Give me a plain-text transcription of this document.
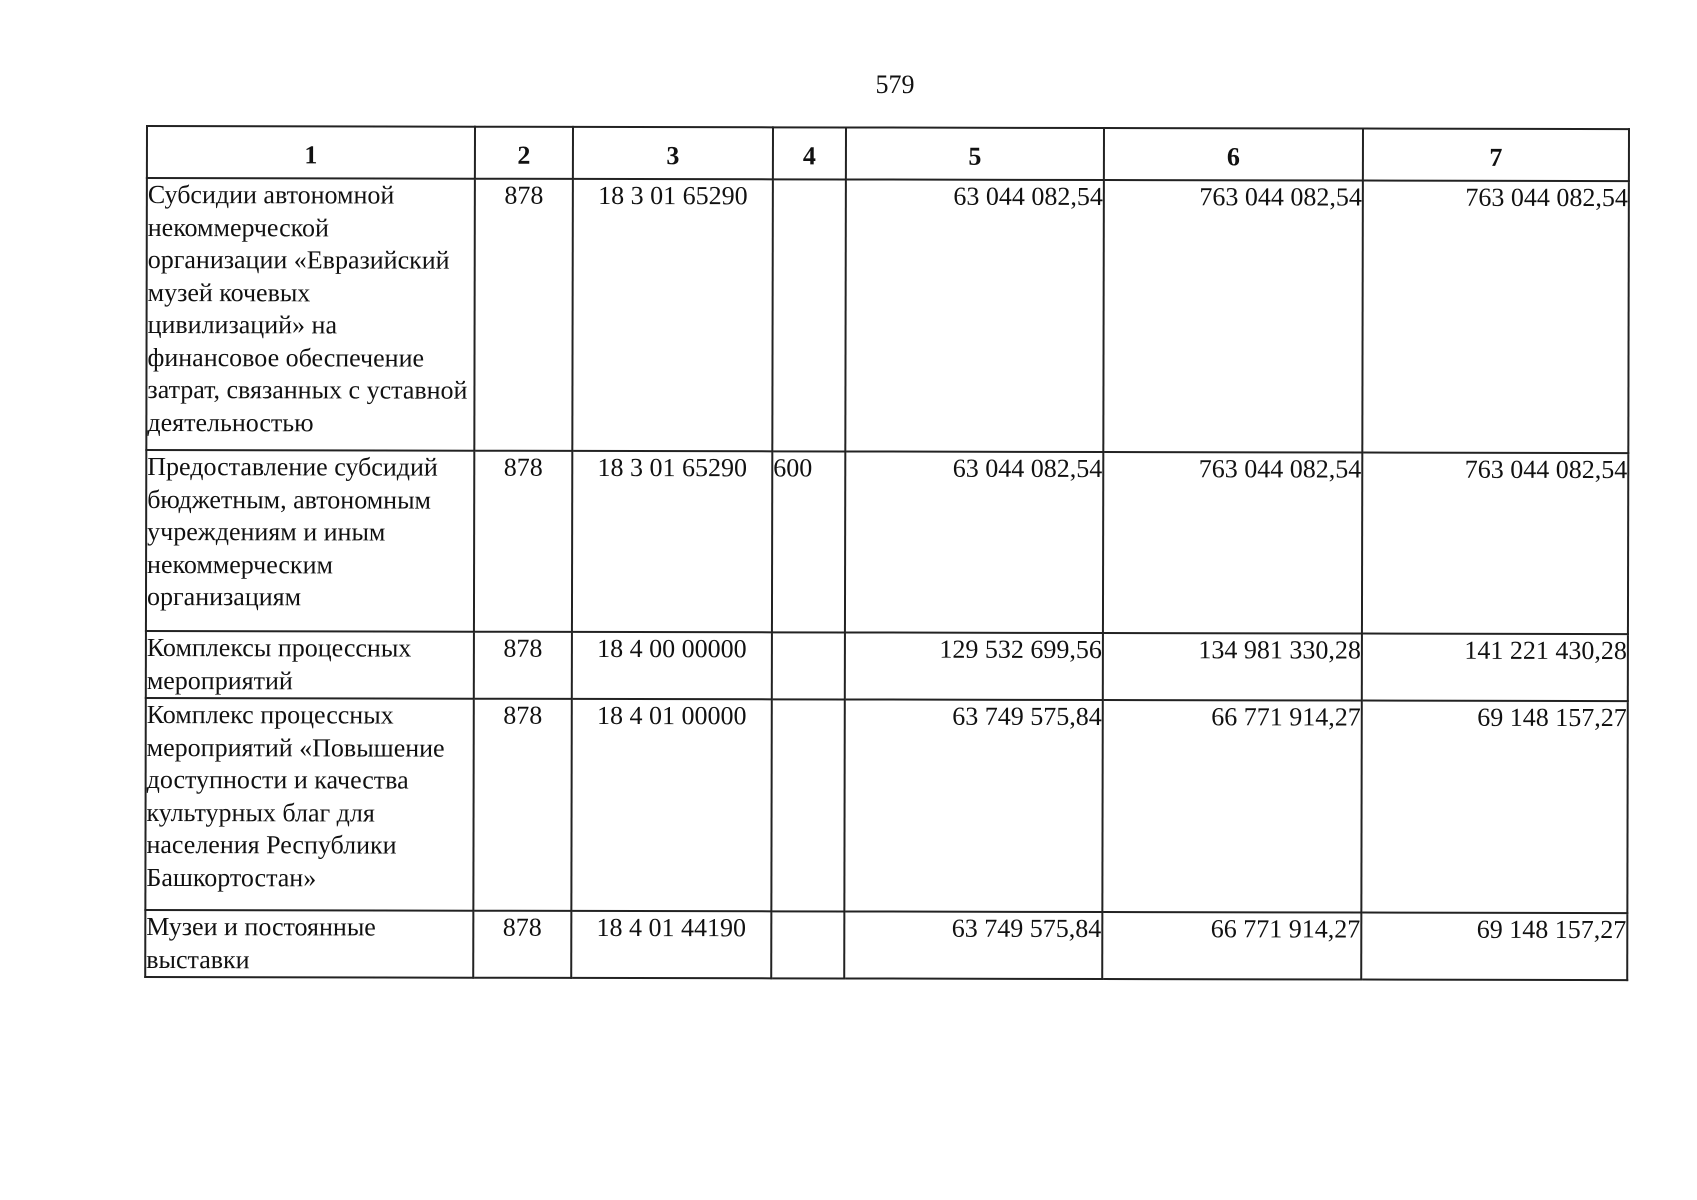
579
1	2	3	4	5	6	7
Субсидии автономной некоммерческой организации «Евразийский музей кочевых цивилизаций» на финансовое обеспечение затрат, связанных с уставной деятельностью	878	18 3 01 65290		63 044 082,54	763 044 082,54	763 044 082,54
Предоставление субсидий бюджетным, автономным учреждениям и иным некоммерческим организациям	878	18 3 01 65290	600	63 044 082,54	763 044 082,54	763 044 082,54
Комплексы процессных мероприятий	878	18 4 00 00000		129 532 699,56	134 981 330,28	141 221 430,28
Комплекс процессных мероприятий «Повышение доступности и качества культурных благ для населения Республики Башкортостан»	878	18 4 01 00000		63 749 575,84	66 771 914,27	69 148 157,27
Музеи и постоянные выставки	878	18 4 01 44190		63 749 575,84	66 771 914,27	69 148 157,27
